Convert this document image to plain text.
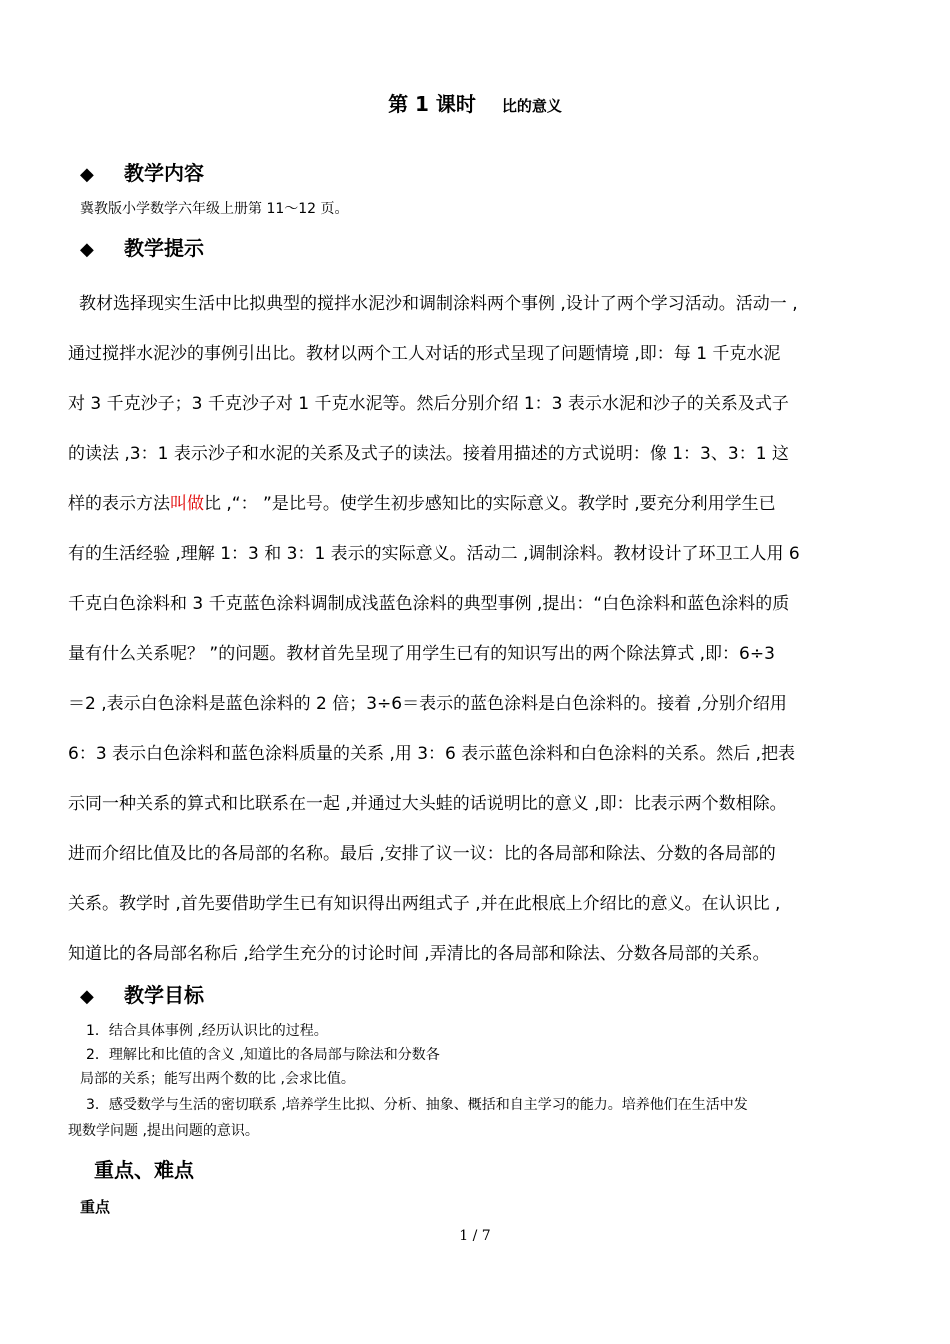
第 1 课时 比的意义
◆ 教学内容
冀教版小学数学六年级上册第 11～12 页。
◆ 教学提示
教材选择现实生活中比拟典型的搅拌水泥沙和调制涂料两个事例 ,设计了两个学习活动。活动一 ,
通过搅拌水泥沙的事例引出比。教材以两个工人对话的形式呈现了问题情境 ,即：每 1 千克水泥
对 3 千克沙子；3 千克沙子对 1 千克水泥等。然后分别介绍 1：3 表示水泥和沙子的关系及式子
的读法 ,3：1 表示沙子和水泥的关系及式子的读法。接着用描述的方式说明：像 1：3、3：1 这
样的表示方法叫做比 ,“： ”是比号。使学生初步感知比的实际意义。教学时 ,要充分利用学生已
有的生活经验 ,理解 1：3 和 3：1 表示的实际意义。活动二 ,调制涂料。教材设计了环卫工人用 6
千克白色涂料和 3 千克蓝色涂料调制成浅蓝色涂料的典型事例 ,提出：“白色涂料和蓝色涂料的质
量有什么关系呢？ ”的问题。教材首先呈现了用学生已有的知识写出的两个除法算式 ,即：6÷3
＝2 ,表示白色涂料是蓝色涂料的 2 倍；3÷6＝表示的蓝色涂料是白色涂料的。接着 ,分别介绍用
6：3 表示白色涂料和蓝色涂料质量的关系 ,用 3：6 表示蓝色涂料和白色涂料的关系。然后 ,把表
示同一种关系的算式和比联系在一起 ,并通过大头蛙的话说明比的意义 ,即：比表示两个数相除。
进而介绍比值及比的各局部的名称。最后 ,安排了议一议：比的各局部和除法、分数的各局部的
关系。教学时 ,首先要借助学生已有知识得出两组式子 ,并在此根底上介绍比的意义。在认识比 ,
知道比的各局部名称后 ,给学生充分的讨论时间 ,弄清比的各局部和除法、分数各局部的关系。
◆ 教学目标
1．结合具体事例 ,经历认识比的过程。
2．理解比和比值的含义 ,知道比的各局部与除法和分数各
局部的关系；能写出两个数的比 ,会求比值。
3．感受数学与生活的密切联系 ,培养学生比拟、分析、抽象、概括和自主学习的能力。培养他们在生活中发
现数学问题 ,提出问题的意识。
重点、难点
重点
1 / 7
